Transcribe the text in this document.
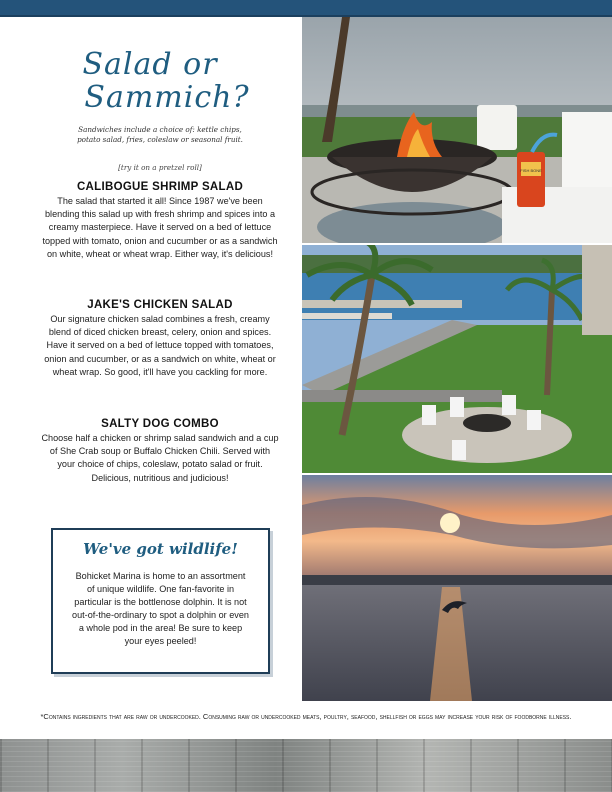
Salad or
Sammich?
Sandwiches include a choice of: kettle chips, potato salad, fries, coleslaw or seasonal fruit.
[try it on a pretzel roll]
CALIBOGUE SHRIMP SALAD

The salad that started it all! Since 1987 we've been blending this salad up with fresh shrimp and spices into a creamy masterpiece. Have it served on a bed of lettuce topped with tomato, onion and cucumber or as a sandwich on white, wheat or wheat wrap. Either way, it's delicious!

JAKE'S CHICKEN SALAD

Our signature chicken salad combines a fresh, creamy blend of diced chicken breast, celery, onion and spices. Have it served on a bed of lettuce topped with tomatoes, onion and cucumber, or as a sandwich on white, wheat or wheat wrap. So good, it'll have you cackling for more.

SALTY DOG COMBO

Choose half a chicken or shrimp salad sandwich and a cup of She Crab soup or Buffalo Chicken Chili. Served with your choice of chips, coleslaw, potato salad or fruit. Delicious, nutritious and judicious!

We've got wildlife!

Bohicket Marina is home to an assortment of unique wildlife. One fan-favorite in particular is the bottlenose dolphin. It is not out-of-the-ordinary to spot a dolphin or even a whole pod in the area! Be sure to keep your eyes peeled!

FISH BONE
*Contains ingredients that are raw or undercooked. Consuming raw or undercooked meats, poultry, seafood, shellfish or eggs may increase your risk of foodborne illness.
